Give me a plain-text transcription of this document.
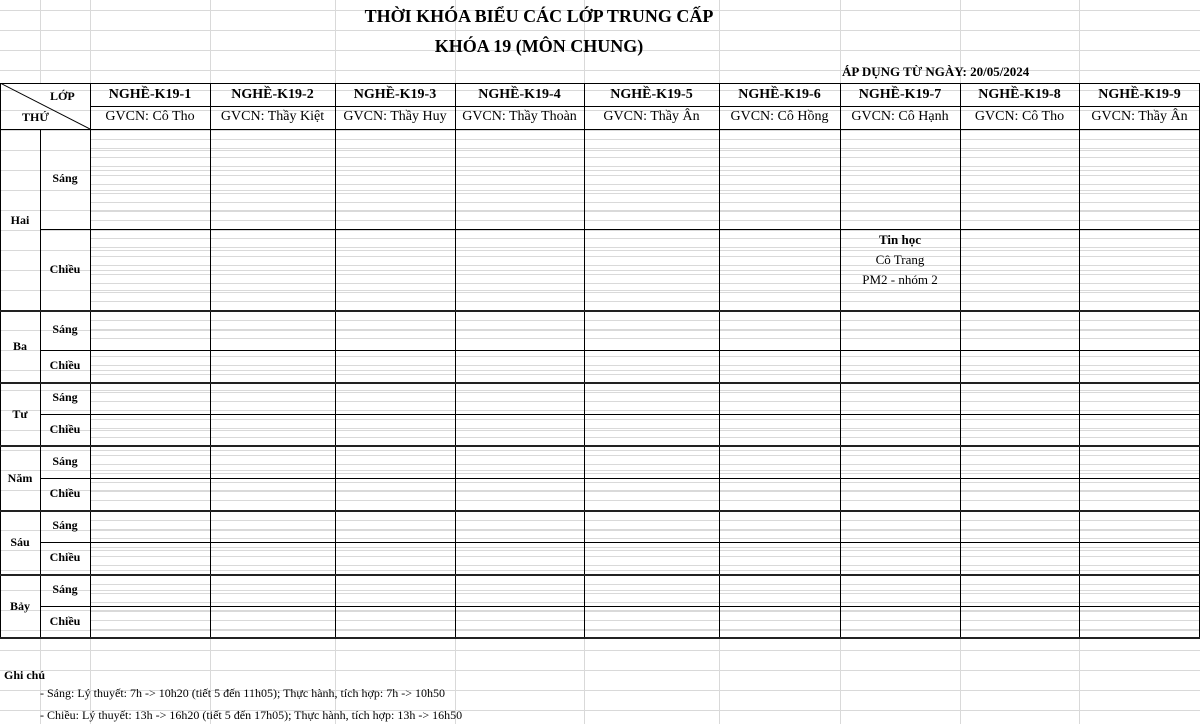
THỜI KHÓA BIỂU CÁC LỚP TRUNG CẤP
KHÓA 19 (MÔN CHUNG)
ÁP DỤNG TỪ NGÀY: 20/05/2024
LỚP
THỨ
NGHỀ-K19-1
GVCN: Cô Tho
NGHỀ-K19-2
GVCN: Thầy Kiệt
NGHỀ-K19-3
GVCN: Thầy Huy
NGHỀ-K19-4
GVCN: Thầy Thoàn
NGHỀ-K19-5
GVCN: Thầy Ân
NGHỀ-K19-6
GVCN: Cô Hồng
NGHỀ-K19-7
GVCN: Cô Hạnh
NGHỀ-K19-8
GVCN: Cô Tho
NGHỀ-K19-9
GVCN: Thầy Ân
Hai
Sáng
Chiều
Ba
Sáng
Chiều
Tư
Sáng
Chiều
Năm
Sáng
Chiều
Sáu
Sáng
Chiều
Bảy
Sáng
Chiều
Tin học
Cô Trang
PM2 - nhóm 2
Ghi chú
- Sáng: Lý thuyết: 7h -> 10h20 (tiết 5 đến 11h05); Thực hành, tích hợp: 7h -> 10h50
- Chiều: Lý thuyết: 13h -> 16h20 (tiết 5 đến 17h05); Thực hành, tích hợp: 13h -> 16h50
